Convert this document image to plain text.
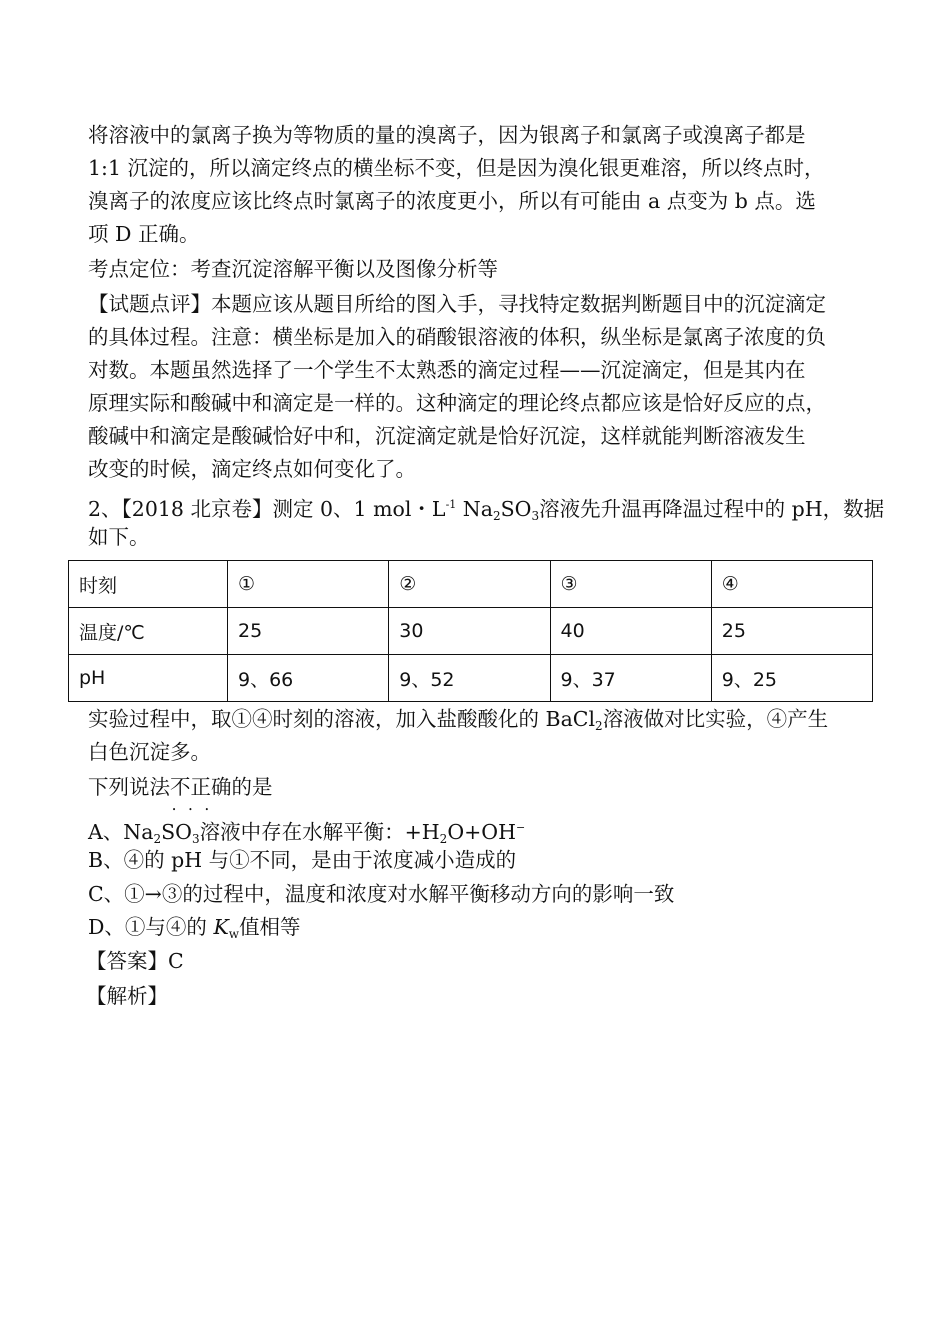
将溶液中的氯离子换为等物质的量的溴离子，因为银离子和氯离子或溴离子都是
1:1 沉淀的，所以滴定终点的横坐标不变，但是因为溴化银更难溶，所以终点时，
溴离子的浓度应该比终点时氯离子的浓度更小，所以有可能由 a 点变为 b 点。选
项 D 正确。
考点定位：考查沉淀溶解平衡以及图像分析等
【试题点评】本题应该从题目所给的图入手，寻找特定数据判断题目中的沉淀滴定
的具体过程。注意：横坐标是加入的硝酸银溶液的体积，纵坐标是氯离子浓度的负
对数。本题虽然选择了一个学生不太熟悉的滴定过程——沉淀滴定，但是其内在
原理实际和酸碱中和滴定是一样的。这种滴定的理论终点都应该是恰好反应的点，
酸碱中和滴定是酸碱恰好中和，沉淀滴定就是恰好沉淀，这样就能判断溶液发生
改变的时候，滴定终点如何变化了。
2、【2018 北京卷】测定 0、1 mol・$L^{-1}$ $Na_2SO_3$溶液先升温再降温过程中的 pH，数据
如下。
时刻	①	②	③	④
温度/℃	25	30	40	25
pH	9、66	9、52	9、37	9、25
实验过程中，取①④时刻的溶液，加入盐酸酸化的 BaCl$_2$溶液做对比实验，④产生
白色沉淀多。
下列说法不正确 • • •的是
A、$Na_2SO_3$溶液中存在水解平衡：$+H_2O+OH^-$
B、④的 pH 与①不同，是由于浓度减小造成的
C、①→③的过程中，温度和浓度对水解平衡移动方向的影响一致
D、①与④的 $K_w$值相等
【答案】C
【解析】
